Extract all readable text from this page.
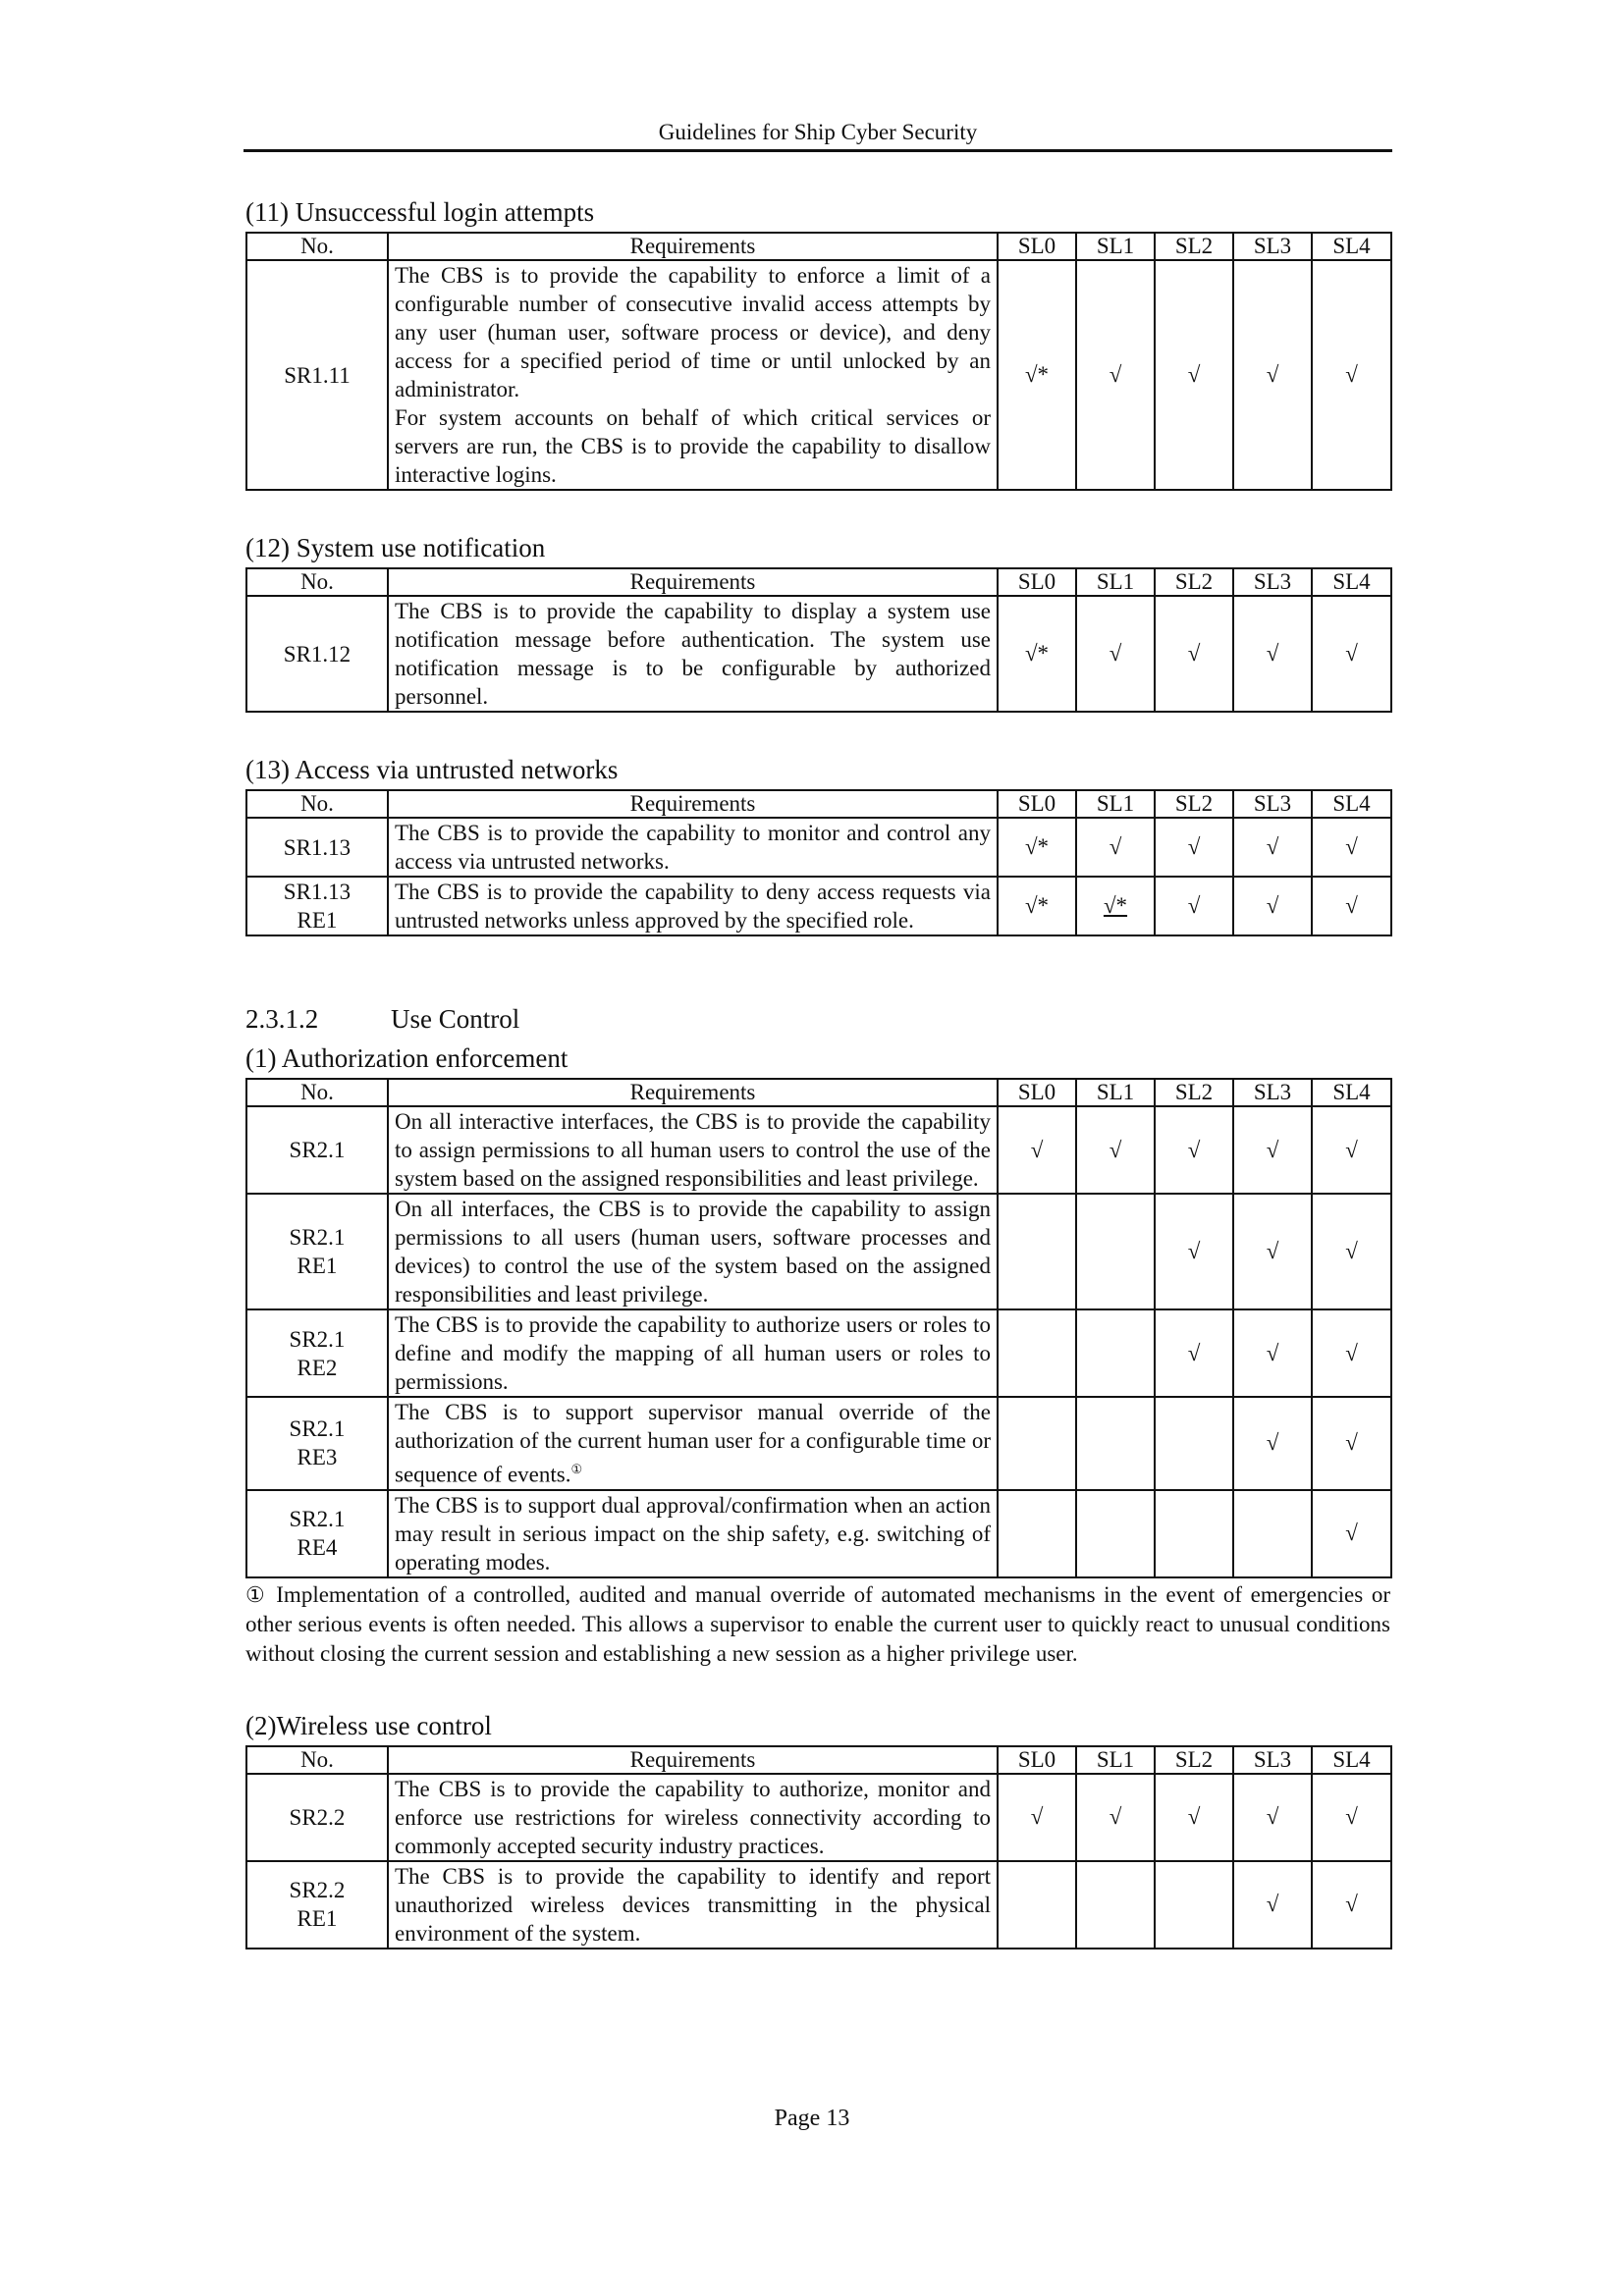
Guidelines for Ship Cyber Security
(11) Unsuccessful login attempts
No.	Requirements	SL0	SL1	SL2	SL3	SL4
SR1.11	The CBS is to provide the capability to enforce a limit of a configurable number of consecutive invalid access attempts by any user (human user, software process or device), and deny access for a specified period of time or until unlocked by an administrator.
For system accounts on behalf of which critical services or servers are run, the CBS is to provide the capability to disallow interactive logins.	√*	√	√	√	√
(12) System use notification
No.	Requirements	SL0	SL1	SL2	SL3	SL4
SR1.12	The CBS is to provide the capability to display a system use notification message before authentication. The system use notification message is to be configurable by authorized personnel.	√*	√	√	√	√
(13) Access via untrusted networks
No.	Requirements	SL0	SL1	SL2	SL3	SL4
SR1.13	The CBS is to provide the capability to monitor and control any access via untrusted networks.	√*	√	√	√	√
SR1.13
RE1	The CBS is to provide the capability to deny access requests via untrusted networks unless approved by the specified role.	√*	√*	√	√	√
2.3.1.2	Use Control
(1) Authorization enforcement
No.	Requirements	SL0	SL1	SL2	SL3	SL4
SR2.1	On all interactive interfaces, the CBS is to provide the capability to assign permissions to all human users to control the use of the system based on the assigned responsibilities and least privilege.	√	√	√	√	√
SR2.1
RE1	On all interfaces, the CBS is to provide the capability to assign permissions to all users (human users, software processes and devices) to control the use of the system based on the assigned responsibilities and least privilege.			√	√	√
SR2.1
RE2	The CBS is to provide the capability to authorize users or roles to define and modify the mapping of all human users or roles to permissions.			√	√	√
SR2.1
RE3	The CBS is to support supervisor manual override of the authorization of the current human user for a configurable time or sequence of events.①				√	√
SR2.1
RE4	The CBS is to support dual approval/confirmation when an action may result in serious impact on the ship safety, e.g. switching of operating modes.					√

① Implementation of a controlled, audited and manual override of automated mechanisms in the event of emergencies or other serious events is often needed. This allows a supervisor to enable the current user to quickly react to unusual conditions without closing the current session and establishing a new session as a higher privilege user.

(2)Wireless use control
No.	Requirements	SL0	SL1	SL2	SL3	SL4
SR2.2	The CBS is to provide the capability to authorize, monitor and enforce use restrictions for wireless connectivity according to commonly accepted security industry practices.	√	√	√	√	√
SR2.2
RE1	The CBS is to provide the capability to identify and report unauthorized wireless devices transmitting in the physical environment of the system.				√	√
Page 13
